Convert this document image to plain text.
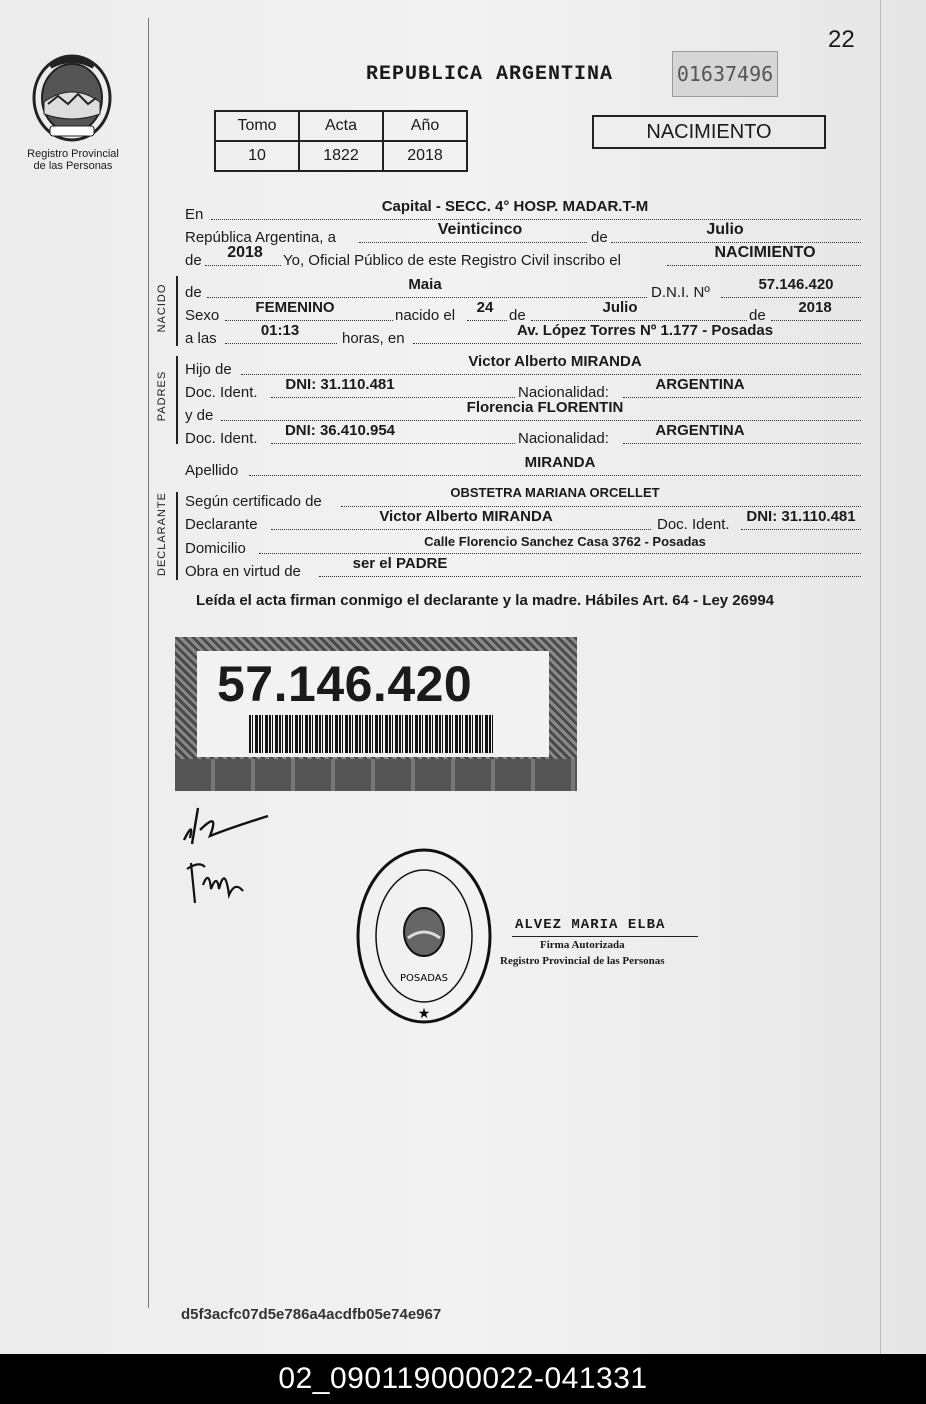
22
Registro Provincial
de las Personas
REPUBLICA ARGENTINA	01637496
Tomo	Acta	Año
10	1822	2018
NACIMIENTO
En	Capital - SECC. 4° HOSP. MADAR.T-M
República Argentina, a	Veinticinco	de	Julio
de	2018	Yo, Oficial Público de este Registro Civil inscribo el	NACIMIENTO
NACIDO de	Maia	D.N.I. Nº	57.146.420
Sexo	FEMENINO	nacido el	24	de	Julio	de	2018
a las	01:13	horas, en	Av. López Torres Nº 1.177 - Posadas
PADRES
Hijo de	Victor Alberto MIRANDA
Doc. Ident.	DNI: 31.110.481	Nacionalidad:	ARGENTINA
y de	Florencia FLORENTIN
Doc. Ident.	DNI: 36.410.954	Nacionalidad:	ARGENTINA
Apellido	MIRANDA
DECLARANTE Según certificado de
OBSTETRA MARIANA ORCELLET
Declarante	Victor Alberto MIRANDA	Doc. Ident.	DNI: 31.110.481
Domicilio	Calle Florencio Sanchez Casa 3762 - Posadas
Obra en virtud de	ser el PADRE
Leída el acta firman conmigo el declarante y la madre. Hábiles Art. 64 - Ley 26994
57.146.420
POSADAS
★
ALVEZ MARIA ELBA
Firma Autorizada
Registro Provincial de las Personas
d5f3acfc07d5e786a4acdfb05e74e967
02_090119000022-041331
